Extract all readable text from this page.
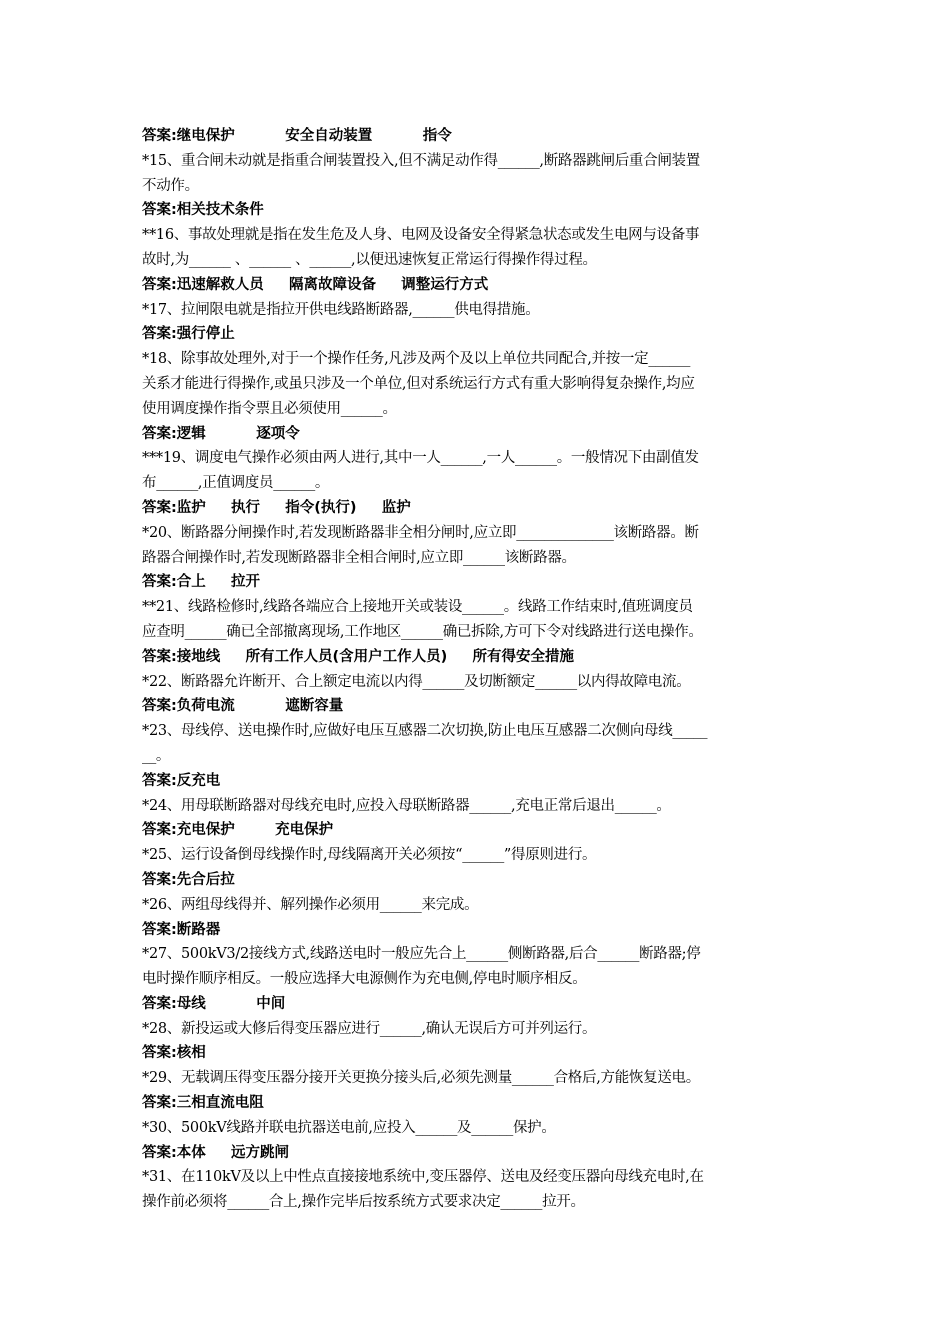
答案:继电保护          安全自动装置          指令
*15、重合闸未动就是指重合闸装置投入,但不满足动作得______,断路器跳闸后重合闸装置
不动作。
答案:相关技术条件
**16、事故处理就是指在发生危及人身、电网及设备安全得紧急状态或发生电网与设备事
故时,为______ 、______ 、______,以便迅速恢复正常运行得操作得过程。
答案:迅速解救人员     隔离故障设备     调整运行方式
*17、拉闸限电就是指拉开供电线路断路器,______供电得措施。
答案:强行停止
*18、除事故处理外,对于一个操作任务,凡涉及两个及以上单位共同配合,并按一定______
关系才能进行得操作,或虽只涉及一个单位,但对系统运行方式有重大影响得复杂操作,均应
使用调度操作指令票且必须使用______。
答案:逻辑          逐项令
***19、调度电气操作必须由两人进行,其中一人______,一人______。一般情况下由副值发
布______,正值调度员______。
答案:监护     执行     指令(执行)     监护
*20、断路器分闸操作时,若发现断路器非全相分闸时,应立即______________该断路器。断
路器合闸操作时,若发现断路器非全相合闸时,应立即______该断路器。
答案:合上     拉开
**21、线路检修时,线路各端应合上接地开关或装设______。线路工作结束时,值班调度员
应查明______确已全部撤离现场,工作地区______确已拆除,方可下令对线路进行送电操作。
答案:接地线     所有工作人员(含用户工作人员)     所有得安全措施
*22、断路器允许断开、合上额定电流以内得______及切断额定______以内得故障电流。
答案:负荷电流          遮断容量
*23、母线停、送电操作时,应做好电压互感器二次切换,防止电压互感器二次侧向母线_____
__。
答案:反充电
*24、用母联断路器对母线充电时,应投入母联断路器______,充电正常后退出______。
答案:充电保护        充电保护
*25、运行设备倒母线操作时,母线隔离开关必须按“______”得原则进行。
答案:先合后拉
*26、两组母线得并、解列操作必须用______来完成。
答案:断路器
*27、500kV3/2接线方式,线路送电时一般应先合上______侧断路器,后合______断路器;停
电时操作顺序相反。一般应选择大电源侧作为充电侧,停电时顺序相反。
答案:母线          中间
*28、新投运或大修后得变压器应进行______,确认无误后方可并列运行。
答案:核相
*29、无载调压得变压器分接开关更换分接头后,必须先测量______合格后,方能恢复送电。
答案:三相直流电阻
*30、500kV线路并联电抗器送电前,应投入______及______保护。
答案:本体     远方跳闸
*31、在110kV及以上中性点直接接地系统中,变压器停、送电及经变压器向母线充电时,在
操作前必须将______合上,操作完毕后按系统方式要求决定______拉开。
